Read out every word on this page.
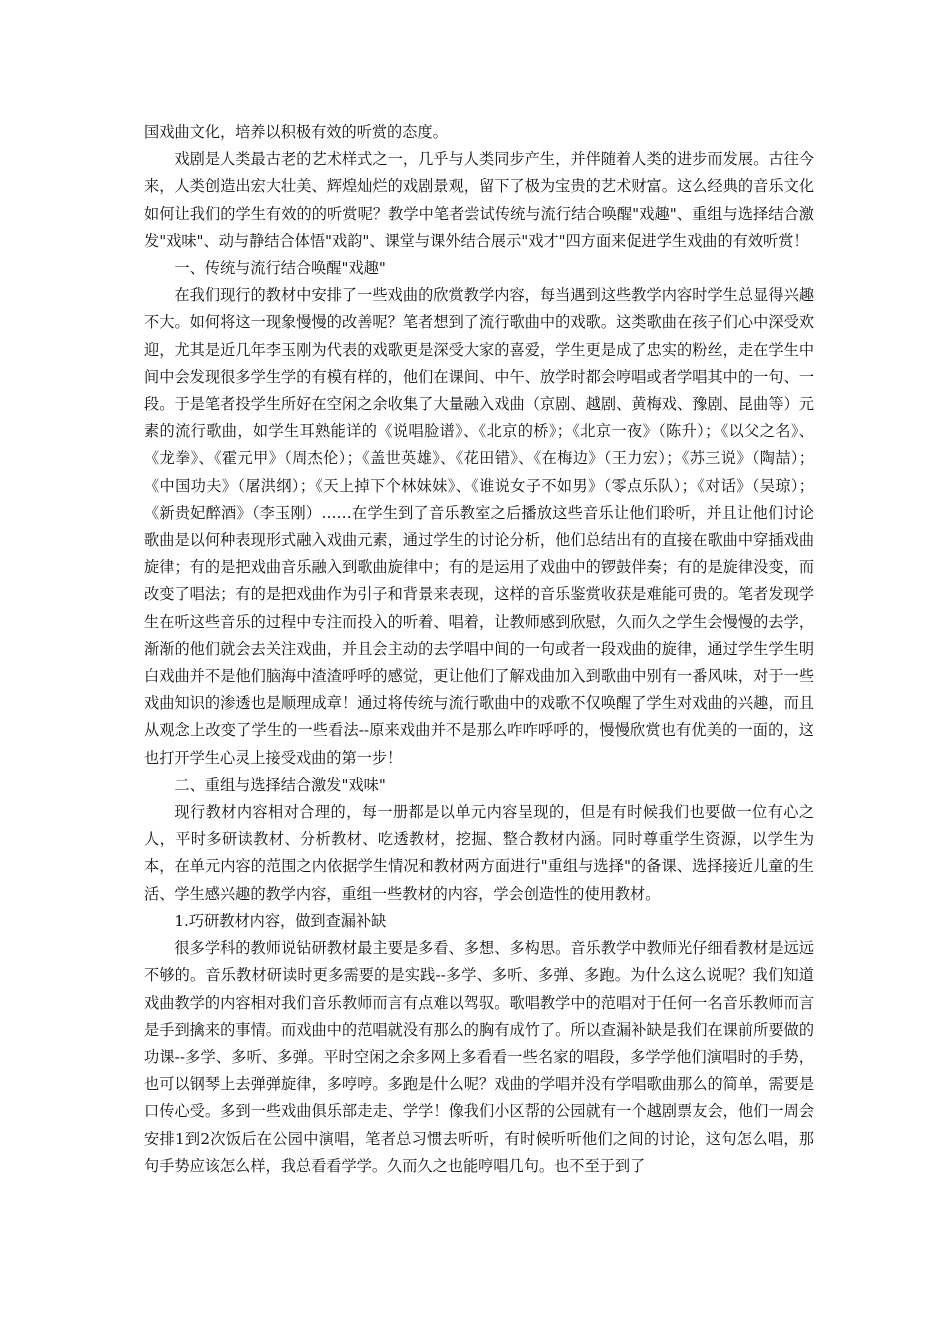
国戏曲文化，培养以积极有效的听赏的态度。

戏剧是人类最古老的艺术样式之一，几乎与人类同步产生，并伴随着人类的进步而发展。古往今来，人类创造出宏大壮美、辉煌灿烂的戏剧景观，留下了极为宝贵的艺术财富。这么经典的音乐文化如何让我们的学生有效的的听赏呢？教学中笔者尝试传统与流行结合唤醒"戏趣"、重组与选择结合激发"戏味"、动与静结合体悟"戏韵"、课堂与课外结合展示"戏才"四方面来促进学生戏曲的有效听赏！

一、传统与流行结合唤醒"戏趣"

在我们现行的教材中安排了一些戏曲的欣赏教学内容，每当遇到这些教学内容时学生总显得兴趣不大。如何将这一现象慢慢的改善呢？笔者想到了流行歌曲中的戏歌。这类歌曲在孩子们心中深受欢迎，尤其是近几年李玉刚为代表的戏歌更是深受大家的喜爱，学生更是成了忠实的粉丝，走在学生中间中会发现很多学生学的有模有样的，他们在课间、中午、放学时都会哼唱或者学唱其中的一句、一段。于是笔者投学生所好在空闲之余收集了大量融入戏曲（京剧、越剧、黄梅戏、豫剧、昆曲等）元素的流行歌曲，如学生耳熟能详的《说唱脸谱》、《北京的桥》；《北京一夜》（陈升）；《以父之名》、《龙拳》、《霍元甲》（周杰伦）；《盖世英雄》、《花田错》、《在梅边》（王力宏）；《苏三说》（陶喆）；《中国功夫》（屠洪纲）；《天上掉下个林妹妹》、《谁说女子不如男》（零点乐队）；《对话》（吴琼）；《新贵妃醉酒》（李玉刚）……在学生到了音乐教室之后播放这些音乐让他们聆听，并且让他们讨论歌曲是以何种表现形式融入戏曲元素，通过学生的讨论分析，他们总结出有的直接在歌曲中穿插戏曲旋律；有的是把戏曲音乐融入到歌曲旋律中；有的是运用了戏曲中的锣鼓伴奏；有的是旋律没变，而改变了唱法；有的是把戏曲作为引子和背景来表现，这样的音乐鉴赏收获是难能可贵的。笔者发现学生在听这些音乐的过程中专注而投入的听着、唱着，让教师感到欣慰，久而久之学生会慢慢的去学，渐渐的他们就会去关注戏曲，并且会主动的去学唱中间的一句或者一段戏曲的旋律，通过学生学生明白戏曲并不是他们脑海中渣渣呼呼的感觉，更让他们了解戏曲加入到歌曲中别有一番风味，对于一些戏曲知识的渗透也是顺理成章！通过将传统与流行歌曲中的戏歌不仅唤醒了学生对戏曲的兴趣，而且从观念上改变了学生的一些看法--原来戏曲并不是那么咋咋呼呼的，慢慢欣赏也有优美的一面的，这也打开学生心灵上接受戏曲的第一步！

二、重组与选择结合激发"戏味"

现行教材内容相对合理的，每一册都是以单元内容呈现的，但是有时候我们也要做一位有心之人，平时多研读教材、分析教材、吃透教材，挖掘、整合教材内涵。同时尊重学生资源，以学生为本，在单元内容的范围之内依据学生情况和教材两方面进行"重组与选择"的备课、选择接近儿童的生活、学生感兴趣的教学内容，重组一些教材的内容，学会创造性的使用教材。

1.巧研教材内容，做到查漏补缺

很多学科的教师说钻研教材最主要是多看、多想、多构思。音乐教学中教师光仔细看教材是远远不够的。音乐教材研读时更多需要的是实践--多学、多听、多弹、多跑。为什么这么说呢？我们知道戏曲教学的内容相对我们音乐教师而言有点难以驾驭。歌唱教学中的范唱对于任何一名音乐教师而言是手到擒来的事情。而戏曲中的范唱就没有那么的胸有成竹了。所以查漏补缺是我们在课前所要做的功课--多学、多听、多弹。平时空闲之余多网上多看看一些名家的唱段，多学学他们演唱时的手势，也可以钢琴上去弹弹旋律，多哼哼。多跑是什么呢？戏曲的学唱并没有学唱歌曲那么的简单，需要是口传心受。多到一些戏曲俱乐部走走、学学！像我们小区帮的公园就有一个越剧票友会，他们一周会安排1到2次饭后在公园中演唱，笔者总习惯去听听，有时候听听他们之间的讨论，这句怎么唱，那句手势应该怎么样，我总看看学学。久而久之也能哼唱几句。也不至于到了
